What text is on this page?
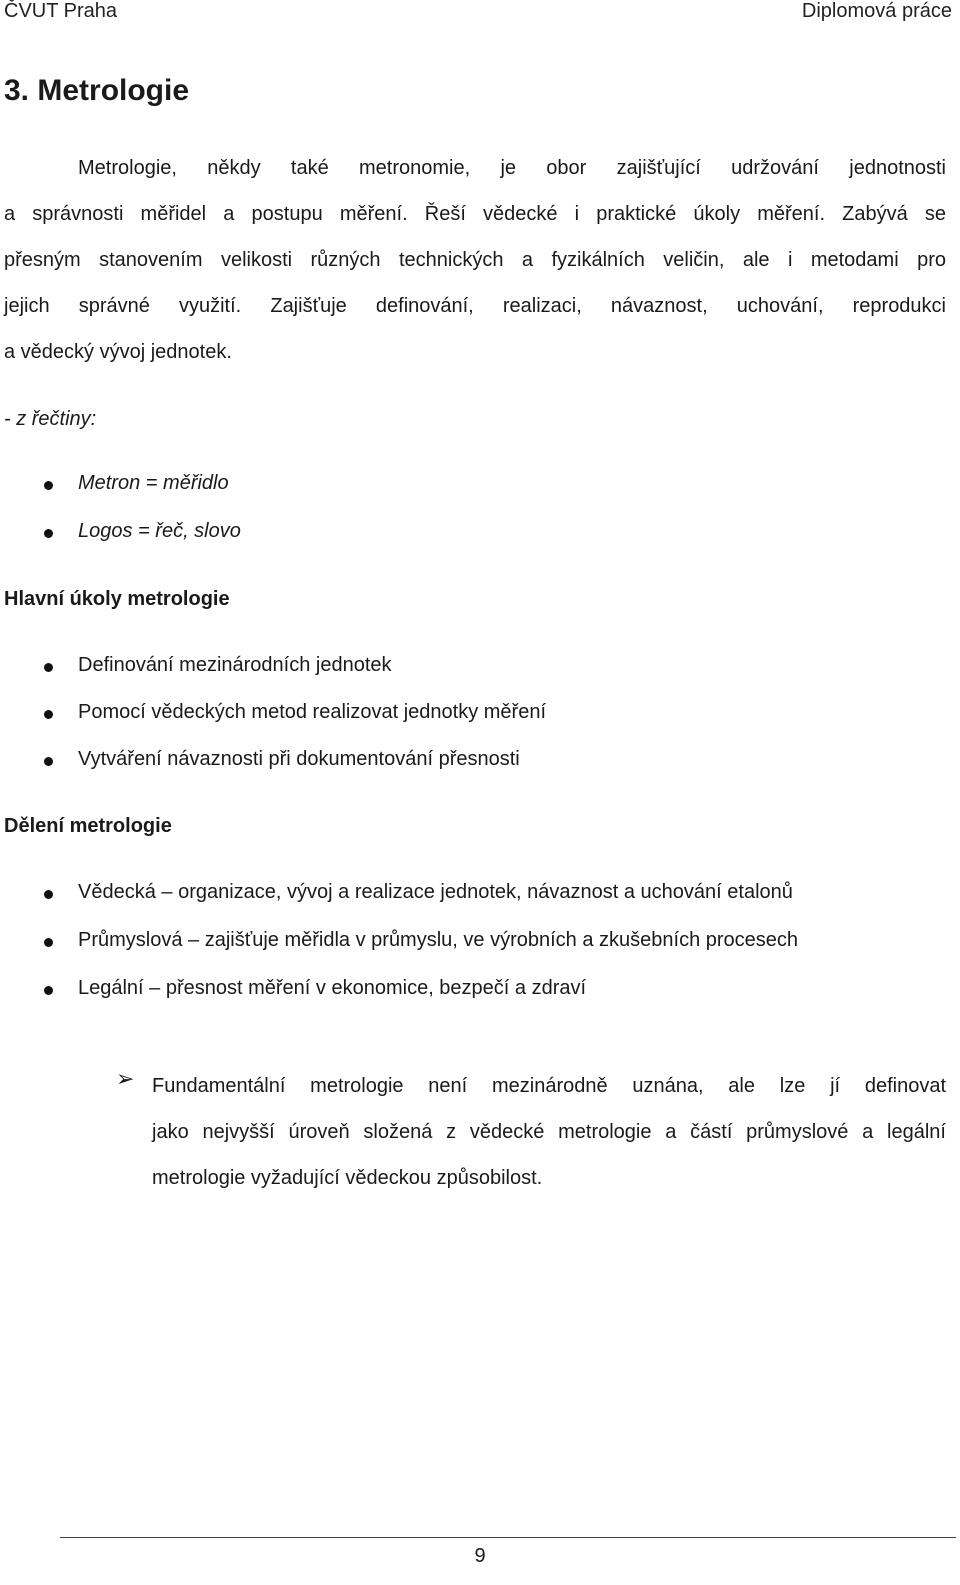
ČVUT Praha	Diplomová práce
3. Metrologie
Metrologie, někdy také metronomie, je obor zajišťující udržování jednotnosti
a správnosti měřidel a postupu měření. Řeší vědecké i praktické úkoly měření. Zabývá se
přesným stanovením velikosti různých technických a fyzikálních veličin, ale i metodami pro
jejich správné využití. Zajišťuje definování, realizaci, návaznost, uchování, reprodukci
a vědecký vývoj jednotek.
- z řečtiny:
Metron = měřidlo
Logos = řeč, slovo
Hlavní úkoly metrologie
Definování mezinárodních jednotek
Pomocí vědeckých metod realizovat jednotky měření
Vytváření návaznosti při dokumentování přesnosti
Dělení metrologie
Vědecká – organizace, vývoj a realizace jednotek, návaznost a uchování etalonů
Průmyslová – zajišťuje měřidla v průmyslu, ve výrobních a zkušebních procesech
Legální – přesnost měření v ekonomice, bezpečí a zdraví
➢ Fundamentální metrologie není mezinárodně uznána, ale lze jí definovat
jako nejvyšší úroveň složená z vědecké metrologie a částí průmyslové a legální
metrologie vyžadující vědeckou způsobilost.
9
